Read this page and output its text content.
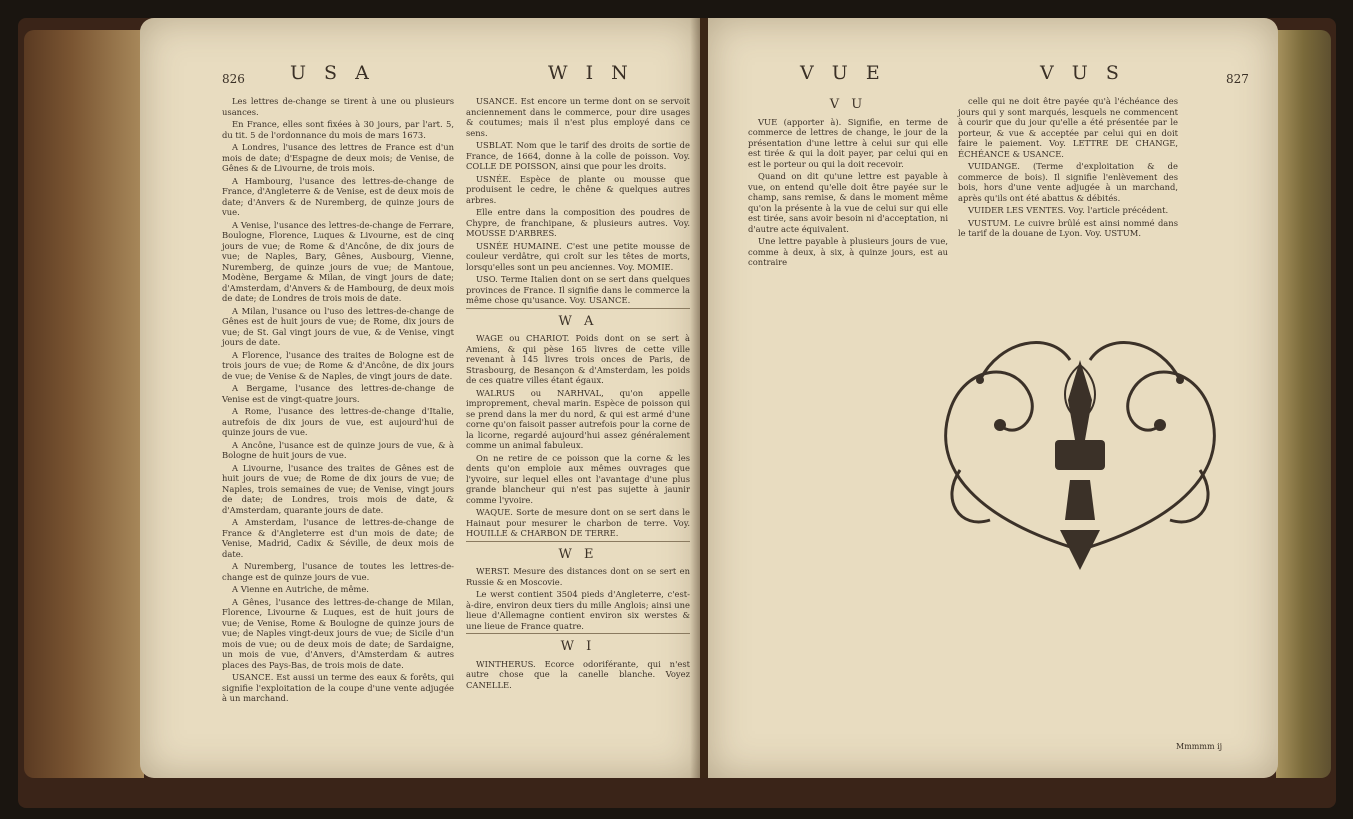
826 U S A	W I N

Les lettres de-change se tirent à une ou plusieurs usances.

En France, elles sont fixées à 30 jours, par l'art. 5, du tit. 5 de l'ordonnance du mois de mars 1673.

A Londres, l'usance des lettres de France est d'un mois de date; d'Espagne de deux mois; de Venise, de Gênes & de Livourne, de trois mois.

A Hambourg, l'usance des lettres-de-change de France, d'Angleterre & de Venise, est de deux mois de date; d'Anvers & de Nuremberg, de quinze jours de vue.

A Venise, l'usance des lettres-de-change de Ferrare, Boulogne, Florence, Luques & Livourne, est de cinq jours de vue; de Rome & d'Ancône, de dix jours de vue; de Naples, Bary, Gênes, Ausbourg, Vienne, Nuremberg, de quinze jours de vue; de Mantoue, Modène, Bergame & Milan, de vingt jours de date; d'Amsterdam, d'Anvers & de Hambourg, de deux mois de date; de Londres de trois mois de date.

A Milan, l'usance ou l'uso des lettres-de-change de Gênes est de huit jours de vue; de Rome, dix jours de vue; de St. Gal vingt jours de vue, & de Venise, vingt jours de date.

A Florence, l'usance des traites de Bologne est de trois jours de vue; de Rome & d'Ancône, de dix jours de vue; de Venise & de Naples, de vingt jours de date.

A Bergame, l'usance des lettres-de-change de Venise est de vingt-quatre jours.

A Rome, l'usance des lettres-de-change d'Italie, autrefois de dix jours de vue, est aujourd'hui de quinze jours de vue.

A Ancône, l'usance est de quinze jours de vue, & à Bologne de huit jours de vue.

A Livourne, l'usance des traites de Gênes est de huit jours de vue; de Rome de dix jours de vue; de Naples, trois semaines de vue; de Venise, vingt jours de date; de Londres, trois mois de date, & d'Amsterdam, quarante jours de date.

A Amsterdam, l'usance de lettres-de-change de France & d'Angleterre est d'un mois de date; de Venise, Madrid, Cadix & Séville, de deux mois de date.

A Nuremberg, l'usance de toutes les lettres-de-change est de quinze jours de vue.

A Vienne en Autriche, de même.

A Gênes, l'usance des lettres-de-change de Milan, Florence, Livourne & Luques, est de huit jours de vue; de Venise, Rome & Boulogne de quinze jours de vue; de Naples vingt-deux jours de vue; de Sicile d'un mois de vue; ou de deux mois de date; de Sardaigne, un mois de vue, d'Anvers, d'Amsterdam & autres places des Pays-Bas, de trois mois de date.

USANCE. Est aussi un terme des eaux & forêts, qui signifie l'exploitation de la coupe d'une vente adjugée à un marchand.

USANCE. Est encore un terme dont on se servoit anciennement dans le commerce, pour dire usages & coutumes; mais il n'est plus employé dans ce sens.

USBLAT. Nom que le tarif des droits de sortie de France, de 1664, donne à la colle de poisson. Voy. COLLE DE POISSON, ainsi que pour les droits.

USNÉE. Espèce de plante ou mousse que produisent le cedre, le chêne & quelques autres arbres.

Elle entre dans la composition des poudres de Chypre, de franchipane, & plusieurs autres. Voy. MOUSSE D'ARBRES.

USNÉE HUMAINE. C'est une petite mousse de couleur verdâtre, qui croît sur les têtes de morts, lorsqu'elles sont un peu anciennes. Voy. MOMIE.

USO. Terme Italien dont on se sert dans quelques provinces de France. Il signifie dans le commerce la même chose qu'usance. Voy. USANCE.

W A

WAGE ou CHARIOT. Poids dont on se sert à Amiens, & qui pèse 165 livres de cette ville revenant à 145 livres trois onces de Paris, de Strasbourg, de Besançon & d'Amsterdam, les poids de ces quatre villes étant égaux.

WALRUS ou NARHVAL, qu'on appelle improprement, cheval marin. Espèce de poisson qui se prend dans la mer du nord, & qui est armé d'une corne qu'on faisoit passer autrefois pour la corne de la licorne, regardé aujourd'hui assez généralement comme un animal fabuleux.

On ne retire de ce poisson que la corne & les dents qu'on emploie aux mêmes ouvrages que l'yvoire, sur lequel elles ont l'avantage d'une plus grande blancheur qui n'est pas sujette à jaunir comme l'yvoire.

WAQUE. Sorte de mesure dont on se sert dans le Hainaut pour mesurer le charbon de terre. Voy. HOUILLE & CHARBON DE TERRE.

W E

WERST. Mesure des distances dont on se sert en Russie & en Moscovie.

Le werst contient 3504 pieds d'Angleterre, c'est-à-dire, environ deux tiers du mille Anglois; ainsi une lieue d'Allemagne contient environ six werstes & une lieue de France quatre.

W I

WINTHERUS. Ecorce odoriférante, qui n'est autre chose que la canelle blanche. Voyez CANELLE.

V U E	V U S	827
V U

VUE (apporter à). Signifie, en terme de commerce de lettres de change, le jour de la présentation d'une lettre à celui sur qui elle est tirée & qui la doit payer, par celui qui en est le porteur ou qui la doit recevoir.

Quand on dit qu'une lettre est payable à vue, on entend qu'elle doit être payée sur le champ, sans remise, & dans le moment même qu'on la présente à la vue de celui sur qui elle est tirée, sans avoir besoin ni d'acceptation, ni d'autre acte équivalent.

Une lettre payable à plusieurs jours de vue, comme à deux, à six, à quinze jours, est au contraire

celle qui ne doit être payée qu'à l'échéance des jours qui y sont marqués, lesquels ne commencent à courir que du jour qu'elle a été présentée par le porteur, & vue & acceptée par celui qui en doit faire le paiement. Voy. LETTRE DE CHANGE, ÉCHÉANCE & USANCE.

VUIDANGE. (Terme d'exploitation & de commerce de bois). Il signifie l'enlèvement des bois, hors d'une vente adjugée à un marchand, après qu'ils ont été abattus & débités.

VUIDER LES VENTES. Voy. l'article précédent.

VUSTUM. Le cuivre brûlé est ainsi nommé dans le tarif de la douane de Lyon. Voy. USTUM.

Mmmmm ij
